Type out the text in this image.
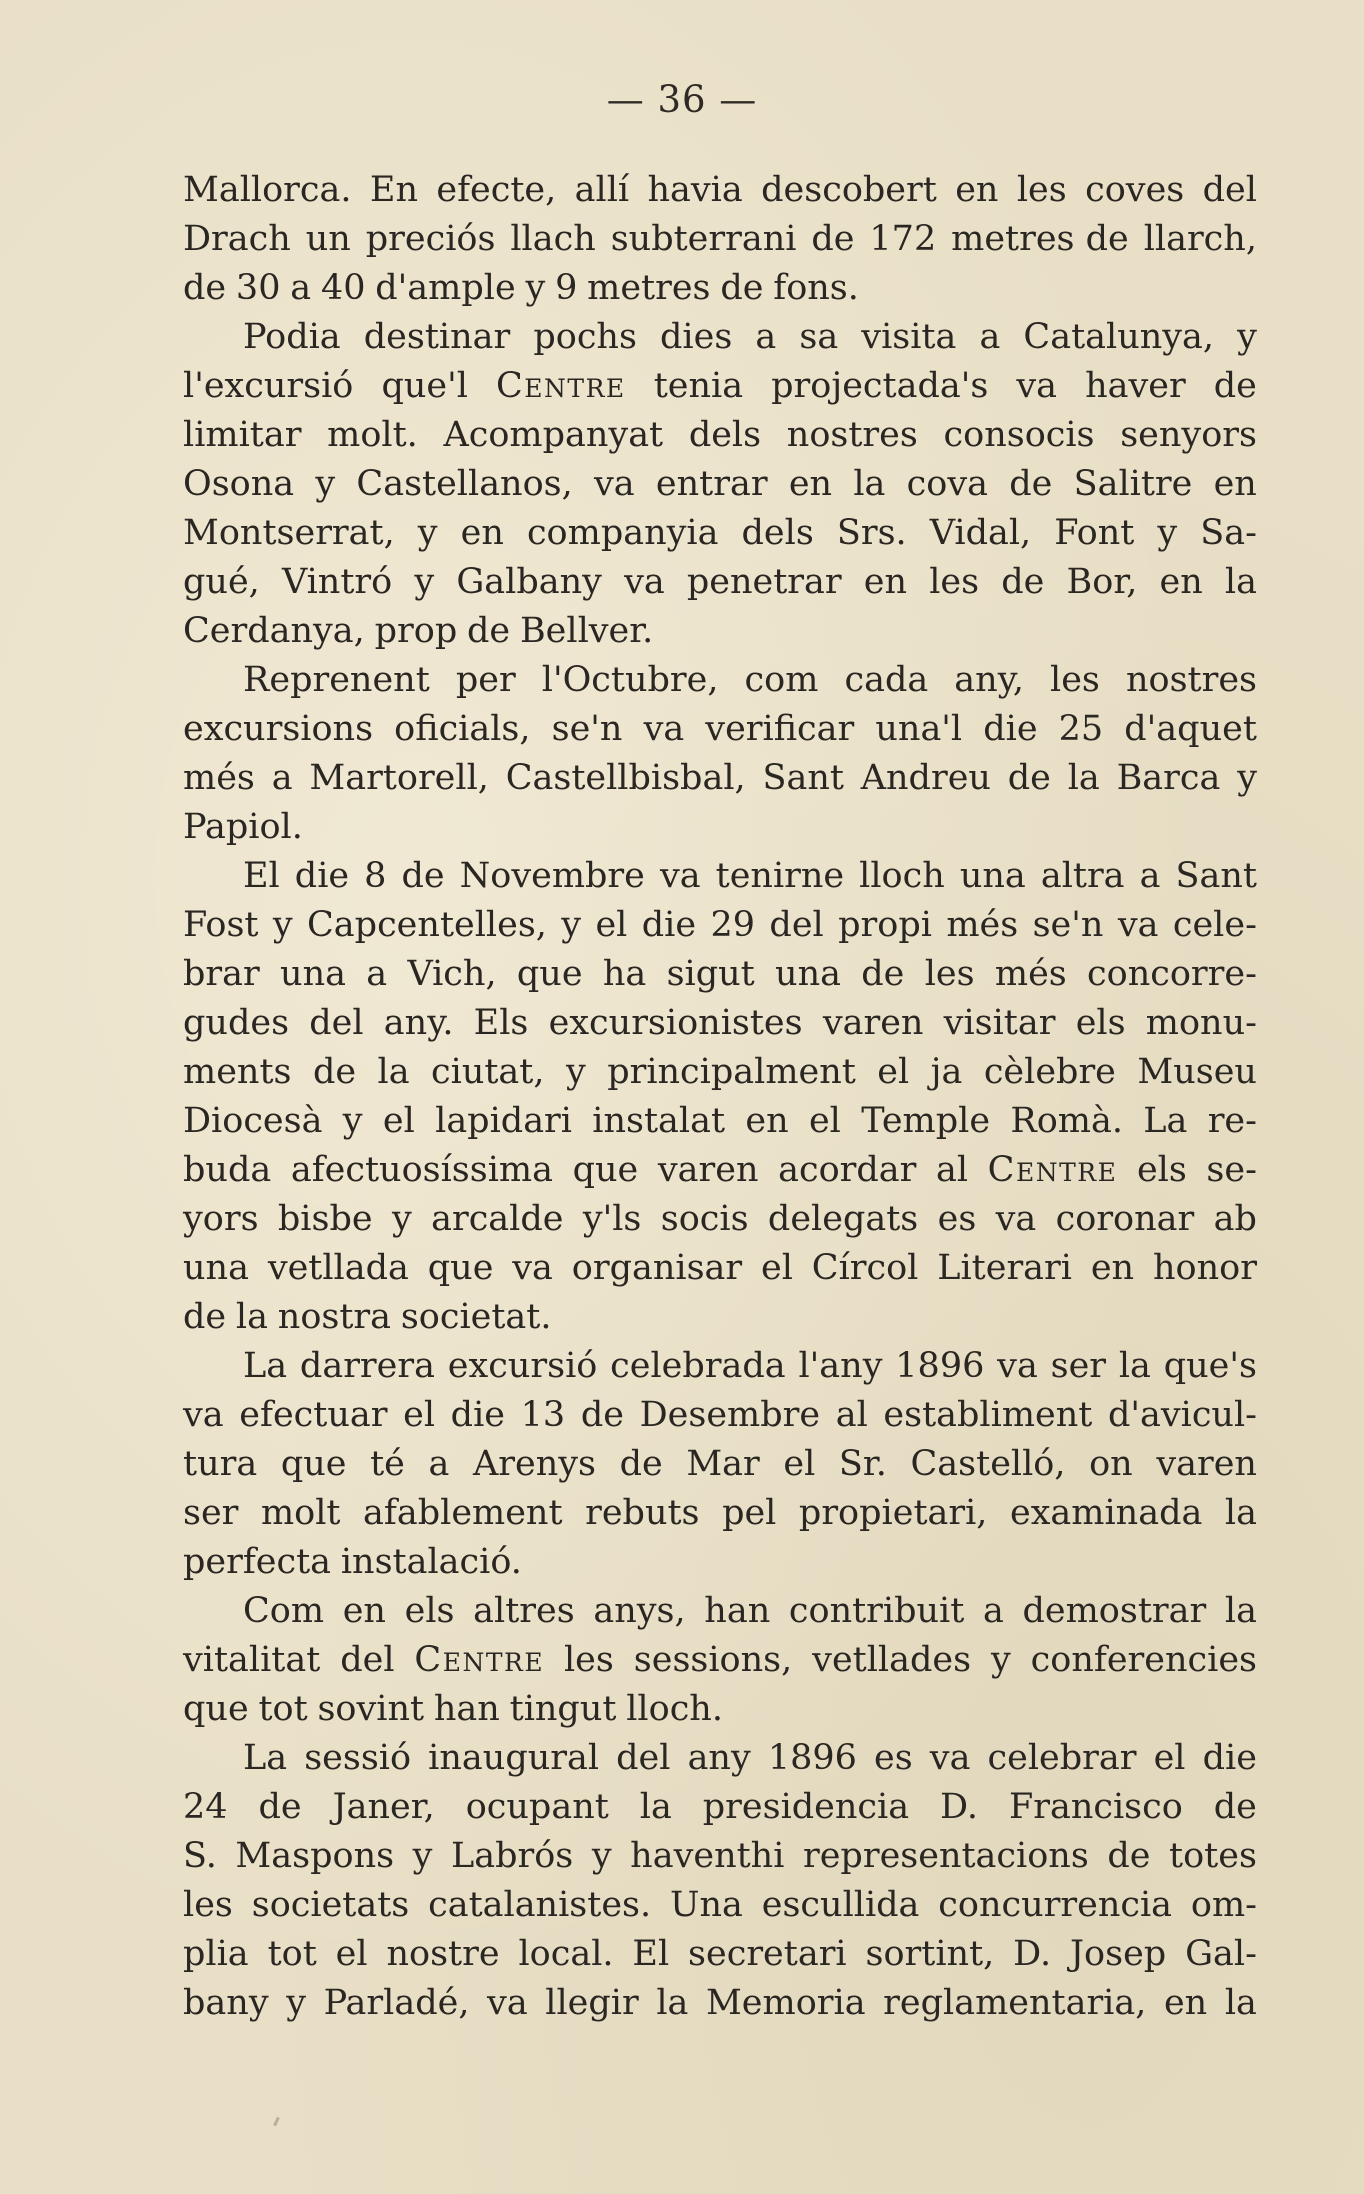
— 36 —
Mallorca. En efecte, allí havia descobert en les coves del
Drach un preciós llach subterrani de 172 metres de llarch,
de 30 a 40 d'ample y 9 metres de fons.
Podia destinar pochs dies a sa visita a Catalunya, y
l'excursió que'l Centre tenia projectada's va haver de
limitar molt. Acompanyat dels nostres consocis senyors
Osona y Castellanos, va entrar en la cova de Salitre en
Montserrat, y en companyia dels Srs. Vidal, Font y Sa-
gué, Vintró y Galbany va penetrar en les de Bor, en la
Cerdanya, prop de Bellver.
Reprenent per l'Octubre, com cada any, les nostres
excursions oficials, se'n va verificar una'l die 25 d'aquet
més a Martorell, Castellbisbal, Sant Andreu de la Barca y
Papiol.
El die 8 de Novembre va tenirne lloch una altra a Sant
Fost y Capcentelles, y el die 29 del propi més se'n va cele-
brar una a Vich, que ha sigut una de les més concorre-
gudes del any. Els excursionistes varen visitar els monu-
ments de la ciutat, y principalment el ja cèlebre Museu
Diocesà y el lapidari instalat en el Temple Romà. La re-
buda afectuosíssima que varen acordar al Centre els se-
yors bisbe y arcalde y'ls socis delegats es va coronar ab
una vetllada que va organisar el Círcol Literari en honor
de la nostra societat.
La darrera excursió celebrada l'any 1896 va ser la que's
va efectuar el die 13 de Desembre al establiment d'avicul-
tura que té a Arenys de Mar el Sr. Castelló, on varen
ser molt afablement rebuts pel propietari, examinada la
perfecta instalació.
Com en els altres anys, han contribuit a demostrar la
vitalitat del Centre les sessions, vetllades y conferencies
que tot sovint han tingut lloch.
La sessió inaugural del any 1896 es va celebrar el die
24 de Janer, ocupant la presidencia D. Francisco de
S. Maspons y Labrós y haventhi representacions de totes
les societats catalanistes. Una escullida concurrencia om-
plia tot el nostre local. El secretari sortint, D. Josep Gal-
bany y Parladé, va llegir la Memoria reglamentaria, en la
